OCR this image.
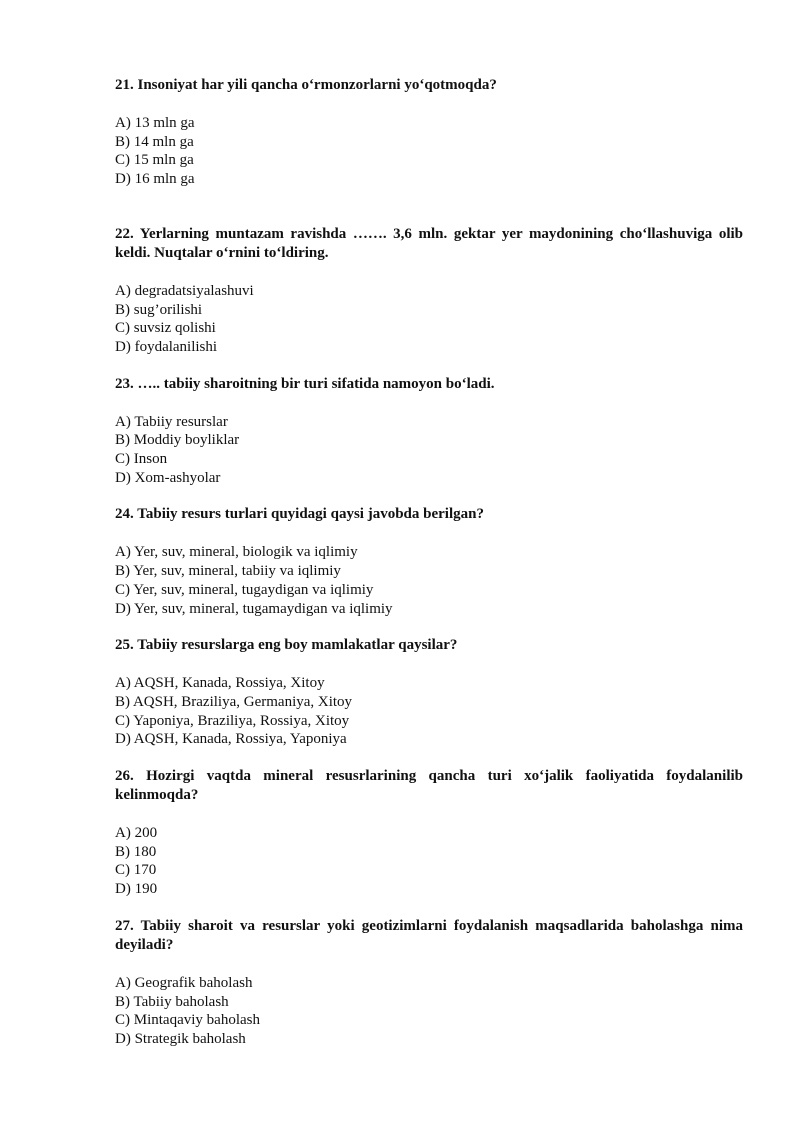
21. Insoniyat har yili qancha o‘rmonzorlarni yo‘qotmoqda?

A) 13 mln ga
B) 14 mln ga
C) 15 mln ga
D) 16 mln ga

22. Yerlarning muntazam ravishda ……. 3,6 mln. gektar yer maydonining cho‘llashuviga olib keldi. Nuqtalar o‘rnini to‘ldiring.

A) degradatsiyalashuvi
B) sug’orilishi
C) suvsiz qolishi
D) foydalanilishi

23. ….. tabiiy sharoitning bir turi sifatida namoyon bo‘ladi.

A) Tabiiy resurslar
B) Moddiy boyliklar
C) Inson
D) Xom-ashyolar

24. Tabiiy resurs turlari quyidagi qaysi javobda berilgan?

A) Yer, suv, mineral, biologik va iqlimiy
B) Yer, suv, mineral, tabiiy va iqlimiy
C) Yer, suv, mineral, tugaydigan va iqlimiy
D) Yer, suv, mineral, tugamaydigan va iqlimiy

25. Tabiiy resurslarga eng boy mamlakatlar qaysilar?

A) AQSH, Kanada, Rossiya, Xitoy
B) AQSH, Braziliya, Germaniya, Xitoy
C) Yaponiya, Braziliya, Rossiya, Xitoy
D) AQSH, Kanada, Rossiya, Yaponiya

26. Hozirgi vaqtda mineral resusrlarining qancha turi xo‘jalik faoliyatida foydalanilib kelinmoqda?

A) 200
B) 180
C) 170
D) 190

27. Tabiiy sharoit va resurslar yoki geotizimlarni foydalanish maqsadlarida baholashga nima deyiladi?

A) Geografik baholash
B) Tabiiy baholash
C) Mintaqaviy baholash
D) Strategik baholash
